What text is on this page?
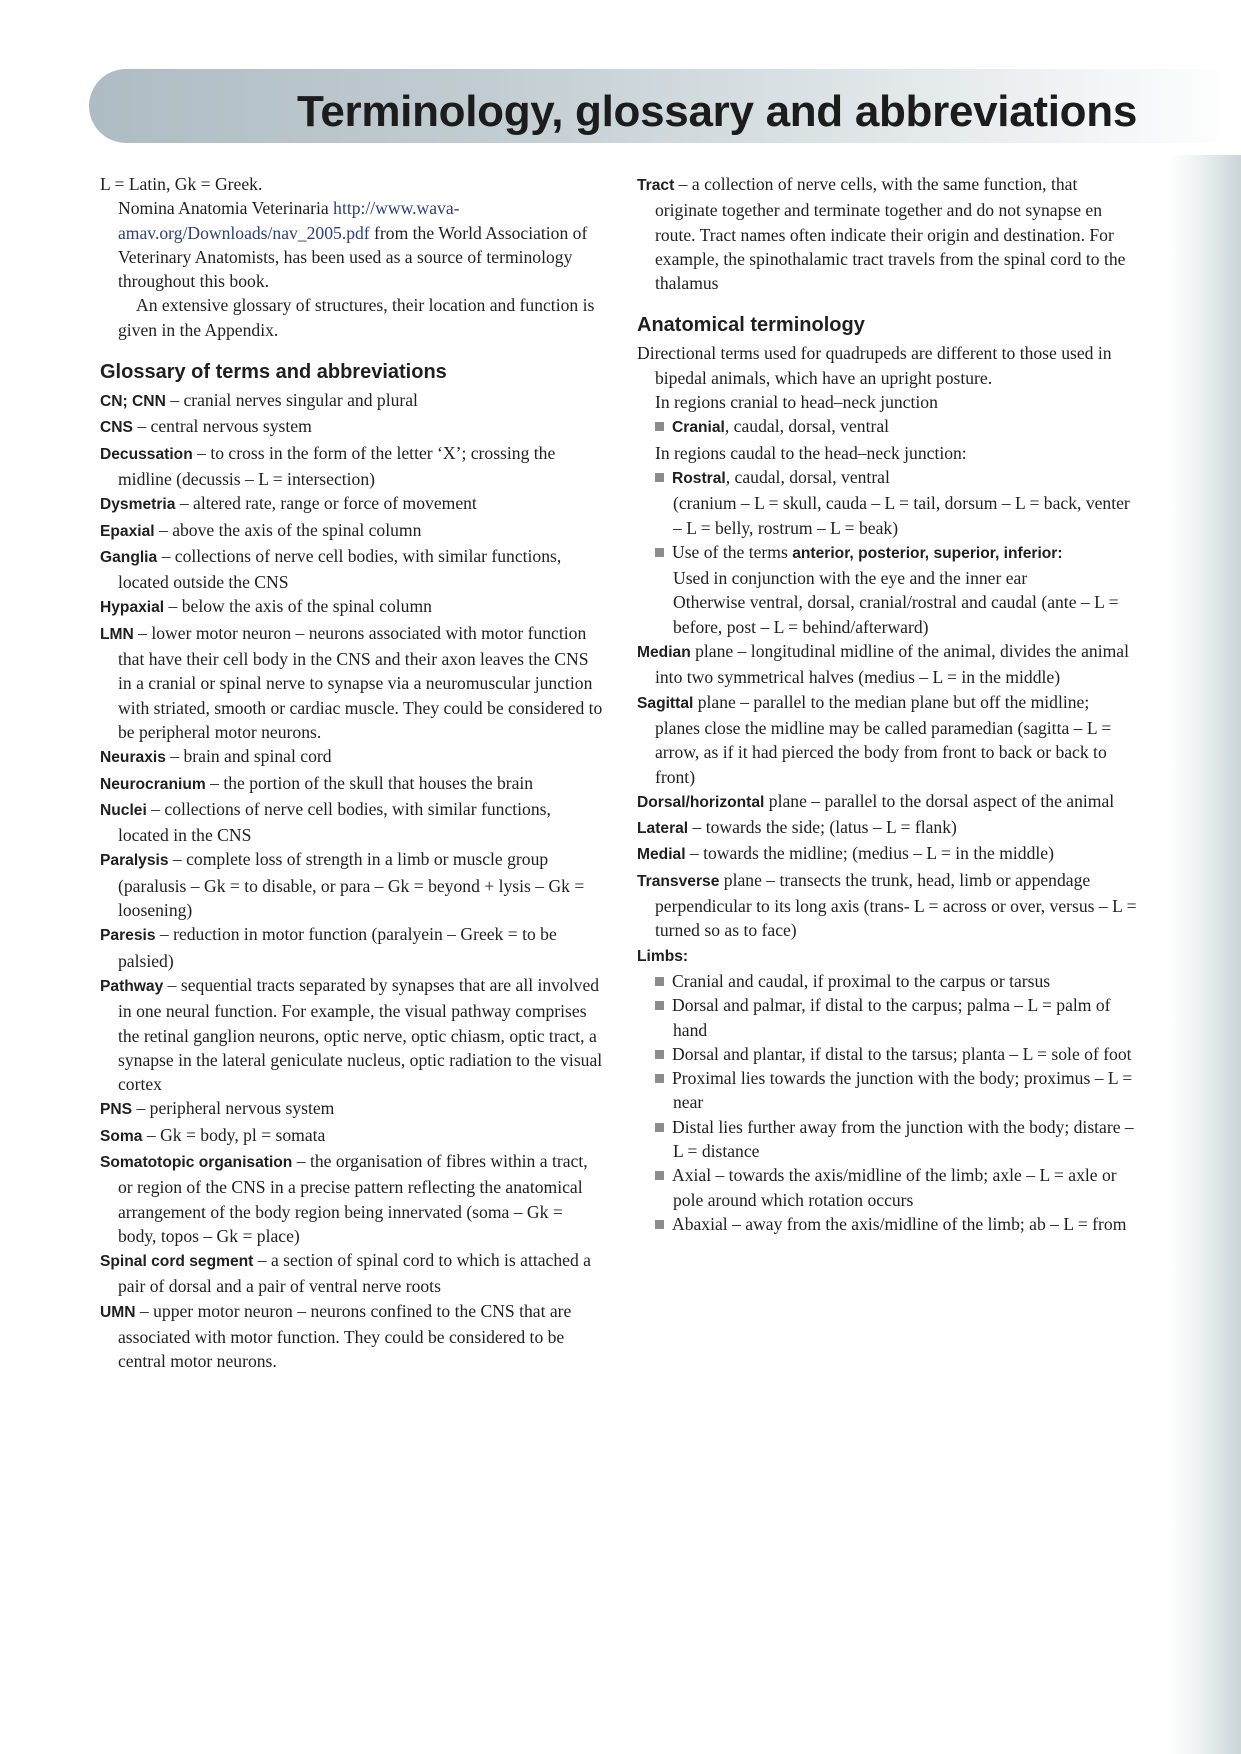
Terminology, glossary and abbreviations

L = Latin, Gk = Greek.

Nomina Anatomia Veterinaria http://www.wava-amav.org/Downloads/nav_2005.pdf from the World Association of Veterinary Anatomists, has been used as a source of terminology throughout this book.

An extensive glossary of structures, their location and function is given in the Appendix.

Glossary of terms and abbreviations

CN; CNN – cranial nerves singular and plural

CNS – central nervous system

Decussation – to cross in the form of the letter ‘X’; crossing the midline (decussis – L = intersection)

Dysmetria – altered rate, range or force of movement

Epaxial – above the axis of the spinal column

Ganglia – collections of nerve cell bodies, with similar functions, located outside the CNS

Hypaxial – below the axis of the spinal column

LMN – lower motor neuron – neurons associated with motor function that have their cell body in the CNS and their axon leaves the CNS in a cranial or spinal nerve to synapse via a neuromuscular junction with striated, smooth or cardiac muscle. They could be considered to be peripheral motor neurons.

Neuraxis – brain and spinal cord

Neurocranium – the portion of the skull that houses the brain

Nuclei – collections of nerve cell bodies, with similar functions, located in the CNS

Paralysis – complete loss of strength in a limb or muscle group (paralusis – Gk = to disable, or para – Gk = beyond + lysis – Gk = loosening)

Paresis – reduction in motor function (paralyein – Greek = to be palsied)

Pathway – sequential tracts separated by synapses that are all involved in one neural function. For example, the visual pathway comprises the retinal ganglion neurons, optic nerve, optic chiasm, optic tract, a synapse in the lateral geniculate nucleus, optic radiation to the visual cortex

PNS – peripheral nervous system

Soma – Gk = body, pl = somata

Somatotopic organisation – the organisation of fibres within a tract, or region of the CNS in a precise pattern reflecting the anatomical arrangement of the body region being innervated (soma – Gk = body, topos – Gk = place)

Spinal cord segment – a section of spinal cord to which is attached a pair of dorsal and a pair of ventral nerve roots

UMN – upper motor neuron – neurons confined to the CNS that are associated with motor function. They could be considered to be central motor neurons.

Tract – a collection of nerve cells, with the same function, that originate together and terminate together and do not synapse en route. Tract names often indicate their origin and destination. For example, the spinothalamic tract travels from the spinal cord to the thalamus

Anatomical terminology

Directional terms used for quadrupeds are different to those used in bipedal animals, which have an upright posture.

In regions cranial to head–neck junction

Cranial, caudal, dorsal, ventral

In regions caudal to the head–neck junction:

Rostral, caudal, dorsal, ventral

(cranium – L = skull, cauda – L = tail, dorsum – L = back, venter – L = belly, rostrum – L = beak)

Use of the terms anterior, posterior, superior, inferior:

Used in conjunction with the eye and the inner ear

Otherwise ventral, dorsal, cranial/rostral and caudal (ante – L = before, post – L = behind/afterward)

Median plane – longitudinal midline of the animal, divides the animal into two symmetrical halves (medius – L = in the middle)

Sagittal plane – parallel to the median plane but off the midline; planes close the midline may be called paramedian (sagitta – L = arrow, as if it had pierced the body from front to back or back to front)

Dorsal/horizontal plane – parallel to the dorsal aspect of the animal

Lateral – towards the side; (latus – L = flank)

Medial – towards the midline; (medius – L = in the middle)

Transverse plane – transects the trunk, head, limb or appendage perpendicular to its long axis (trans- L = across or over, versus – L = turned so as to face)

Limbs:

Cranial and caudal, if proximal to the carpus or tarsus

Dorsal and palmar, if distal to the carpus; palma – L = palm of hand

Dorsal and plantar, if distal to the tarsus; planta – L = sole of foot

Proximal lies towards the junction with the body; proximus – L = near

Distal lies further away from the junction with the body; distare – L = distance

Axial – towards the axis/midline of the limb; axle – L = axle or pole around which rotation occurs

Abaxial – away from the axis/midline of the limb; ab – L = from
